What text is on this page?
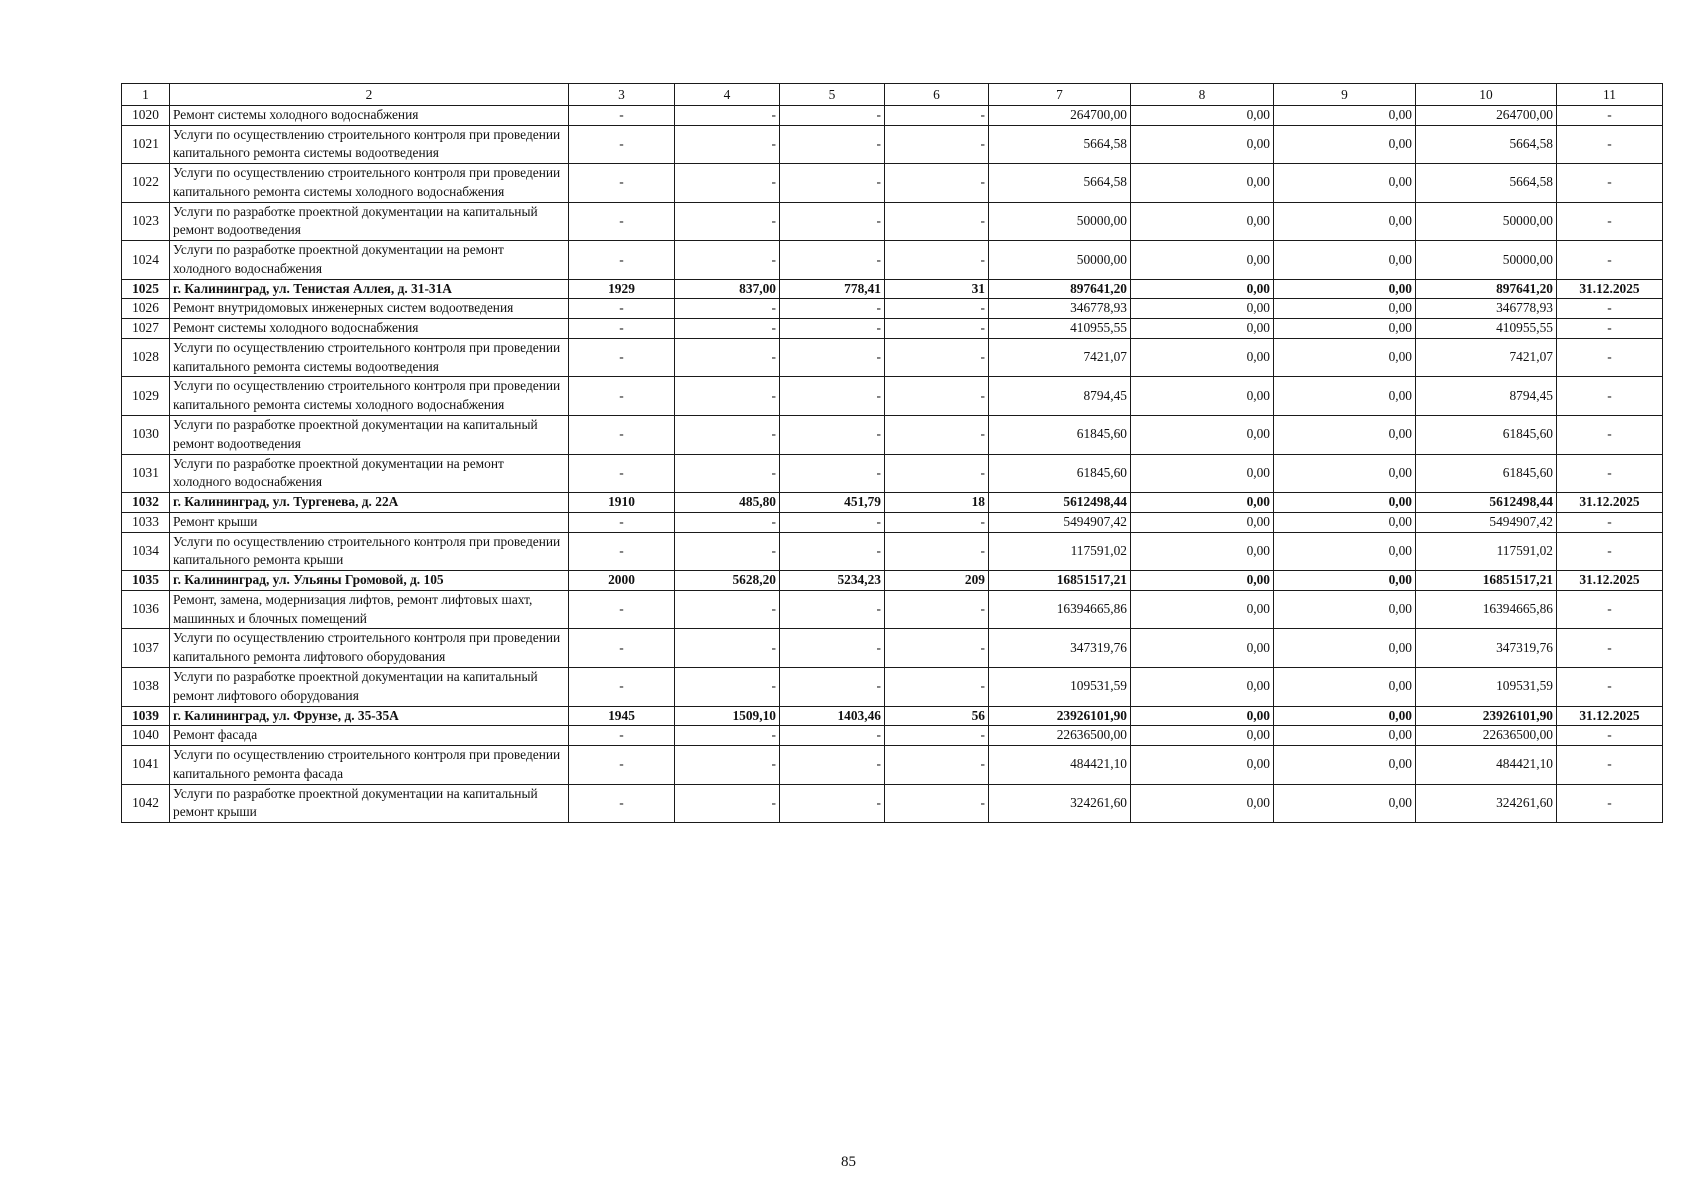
1	2	3	4	5	6	7	8	9	10	11
1020	Ремонт системы холодного водоснабжения	-	-	-	-	264700,00	0,00	0,00	264700,00	-
1021	Услуги по осуществлению строительного контроля при проведении капитального ремонта системы водоотведения	-	-	-	-	5664,58	0,00	0,00	5664,58	-
1022	Услуги по осуществлению строительного контроля при проведении капитального ремонта системы холодного водоснабжения	-	-	-	-	5664,58	0,00	0,00	5664,58	-
1023	Услуги по разработке проектной документации на капитальный ремонт водоотведения	-	-	-	-	50000,00	0,00	0,00	50000,00	-
1024	Услуги по разработке проектной документации на ремонт холодного водоснабжения	-	-	-	-	50000,00	0,00	0,00	50000,00	-
1025	г. Калининград, ул. Тенистая Аллея, д. 31-31А	1929	837,00	778,41	31	897641,20	0,00	0,00	897641,20	31.12.2025
1026	Ремонт внутридомовых инженерных систем водоотведения	-	-	-	-	346778,93	0,00	0,00	346778,93	-
1027	Ремонт системы холодного водоснабжения	-	-	-	-	410955,55	0,00	0,00	410955,55	-
1028	Услуги по осуществлению строительного контроля при проведении капитального ремонта системы водоотведения	-	-	-	-	7421,07	0,00	0,00	7421,07	-
1029	Услуги по осуществлению строительного контроля при проведении капитального ремонта системы холодного водоснабжения	-	-	-	-	8794,45	0,00	0,00	8794,45	-
1030	Услуги по разработке проектной документации на капитальный ремонт водоотведения	-	-	-	-	61845,60	0,00	0,00	61845,60	-
1031	Услуги по разработке проектной документации на ремонт холодного водоснабжения	-	-	-	-	61845,60	0,00	0,00	61845,60	-
1032	г. Калининград, ул. Тургенева, д. 22А	1910	485,80	451,79	18	5612498,44	0,00	0,00	5612498,44	31.12.2025
1033	Ремонт крыши	-	-	-	-	5494907,42	0,00	0,00	5494907,42	-
1034	Услуги по осуществлению строительного контроля при проведении капитального ремонта крыши	-	-	-	-	117591,02	0,00	0,00	117591,02	-
1035	г. Калининград, ул. Ульяны Громовой, д. 105	2000	5628,20	5234,23	209	16851517,21	0,00	0,00	16851517,21	31.12.2025
1036	Ремонт, замена, модернизация лифтов, ремонт лифтовых шахт, машинных и блочных помещений	-	-	-	-	16394665,86	0,00	0,00	16394665,86	-
1037	Услуги по осуществлению строительного контроля при проведении капитального ремонта лифтового оборудования	-	-	-	-	347319,76	0,00	0,00	347319,76	-
1038	Услуги по разработке проектной документации на капитальный ремонт лифтового оборудования	-	-	-	-	109531,59	0,00	0,00	109531,59	-
1039	г. Калининград, ул. Фрунзе, д. 35-35А	1945	1509,10	1403,46	56	23926101,90	0,00	0,00	23926101,90	31.12.2025
1040	Ремонт фасада	-	-	-	-	22636500,00	0,00	0,00	22636500,00	-
1041	Услуги по осуществлению строительного контроля при проведении капитального ремонта фасада	-	-	-	-	484421,10	0,00	0,00	484421,10	-
1042	Услуги по разработке проектной документации на капитальный ремонт крыши	-	-	-	-	324261,60	0,00	0,00	324261,60	-
85
